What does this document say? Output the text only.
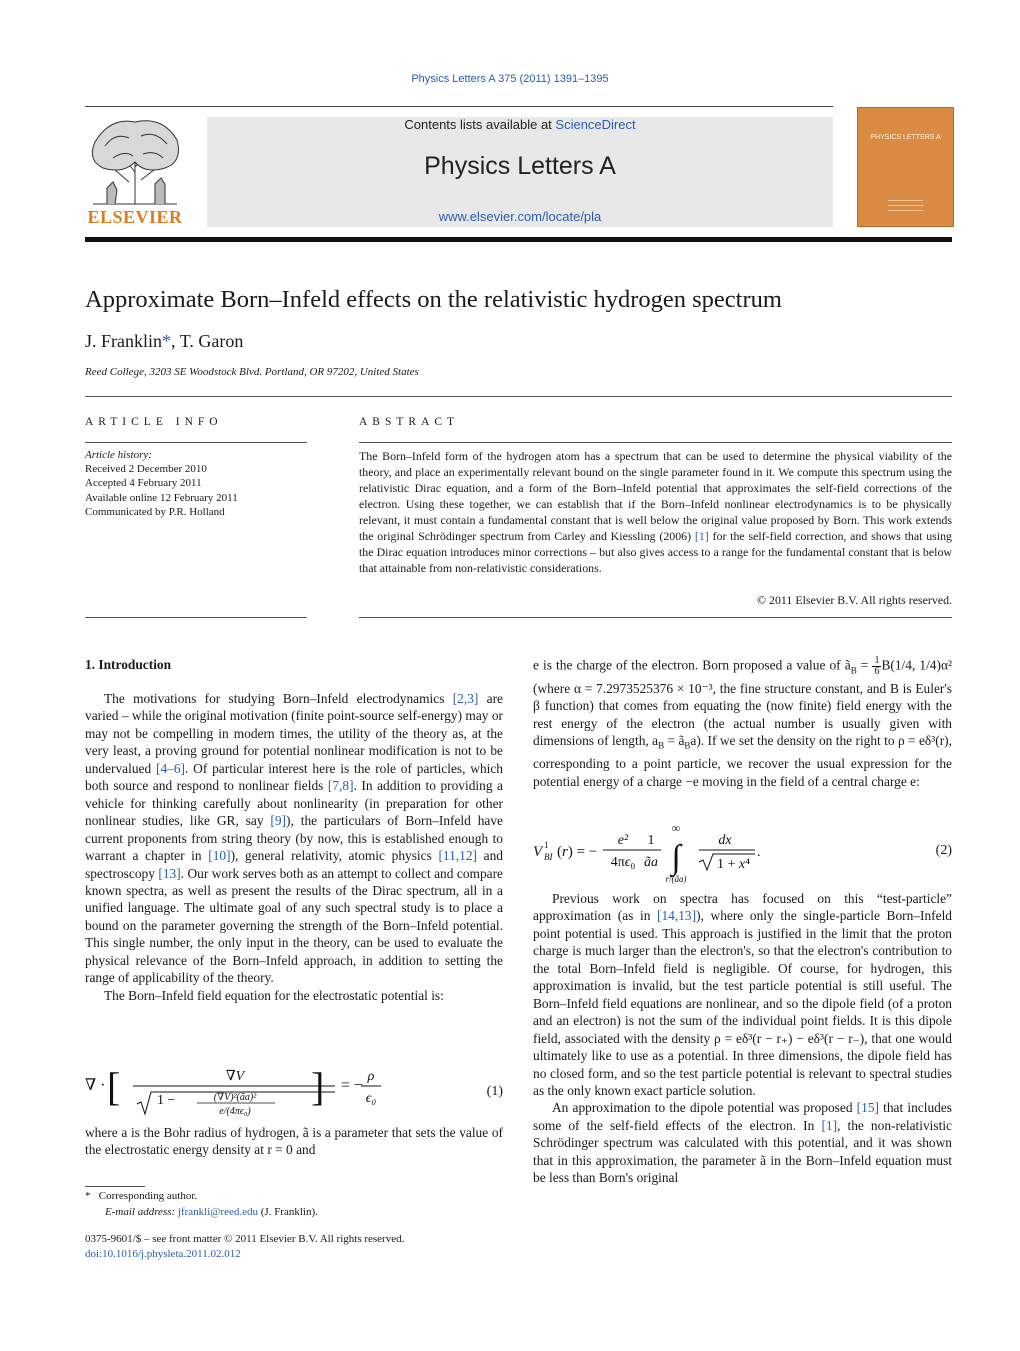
Physics Letters A 375 (2011) 1391–1395
ELSEVIER
Contents lists available at ScienceDirect
Physics Letters A
www.elsevier.com/locate/pla
PHYSICS LETTERS A
Approximate Born–Infeld effects on the relativistic hydrogen spectrum
J. Franklin*, T. Garon
Reed College, 3203 SE Woodstock Blvd. Portland, OR 97202, United States
ARTICLE INFO
Article history:
Received 2 December 2010
Accepted 4 February 2011
Available online 12 February 2011
Communicated by P.R. Holland
ABSTRACT
The Born–Infeld form of the hydrogen atom has a spectrum that can be used to determine the physical viability of the theory, and place an experimentally relevant bound on the single parameter found in it. We compute this spectrum using the relativistic Dirac equation, and a form of the Born–Infeld potential that approximates the self-field corrections of the electron. Using these together, we can establish that if the Born–Infeld nonlinear electrodynamics is to be physically relevant, it must contain a fundamental constant that is well below the original value proposed by Born. This work extends the original Schrödinger spectrum from Carley and Kiessling (2006) [1] for the self-field correction, and shows that using the Dirac equation introduces minor corrections – but also gives access to a range for the fundamental constant that is below that attainable from non-relativistic considerations.
© 2011 Elsevier B.V. All rights reserved.
1. Introduction

The motivations for studying Born–Infeld electrodynamics [2,3] are varied – while the original motivation (finite point-source self-energy) may or may not be compelling in modern times, the utility of the theory as, at the very least, a proving ground for potential nonlinear modification is not to be undervalued [4–6]. Of particular interest here is the role of particles, which both source and respond to nonlinear fields [7,8]. In addition to providing a vehicle for thinking carefully about nonlinearity (in preparation for other nonlinear studies, like GR, say [9]), the particulars of Born–Infeld have current proponents from string theory (by now, this is established enough to warrant a chapter in [10]), general relativity, atomic physics [11,12] and spectroscopy [13]. Our work serves both as an attempt to collect and compare known spectra, as well as present the results of the Dirac spectrum, all in a unified language. The ultimate goal of any such spectral study is to place a bound on the parameter governing the strength of the Born–Infeld potential. This single number, the only input in the theory, can be used to evaluate the physical relevance of the Born–Infeld approach, in addition to setting the range of applicability of the theory.

The Born–Infeld field equation for the electrostatic potential is:

∇ · [	∇V
1 −	(∇V)²(ãa)²
e/(4πϵ₀)
] = −
ρ
ϵ₀	(1)

where a is the Bohr radius of hydrogen, ã is a parameter that sets the value of the electrostatic energy density at r = 0 and

e is the charge of the electron. Born proposed a value of $ã_B = \frac{1}{6} B(1/4$, 1/4)α² (where α = 7.2973525376 × 10⁻³, the fine structure constant, and B is Euler's β function) that comes from equating the (now finite) field energy with the rest energy of the electron (the actual number is usually given with dimensions of length, $a_B$ = $ã_Ba$). If we set the density on the right to ρ = eδ³(r), corresponding to a point particle, we recover the usual expression for the potential energy of a charge −e moving in the field of a central charge e:

V 1
BI (r) = −
e²
4πϵ₀
1
ãa
∞
∫
r/(ãa)
dx
1 + x⁴
.	(2)

Previous work on spectra has focused on this “test-particle” approximation (as in [14,13]), where only the single-particle Born–Infeld point potential is used. This approach is justified in the limit that the proton charge is much larger than the electron's, so that the electron's contribution to the total Born–Infeld field is negligible. Of course, for hydrogen, this approximation is invalid, but the test particle potential is still useful. The Born–Infeld field equations are nonlinear, and so the dipole field (of a proton and an electron) is not the sum of the individual point fields. It is this dipole field, associated with the density ρ = eδ³(r − r₊) − eδ³(r − r₋), that one would ultimately like to use as a potential. In three dimensions, the dipole field has no closed form, and so the test particle potential is relevant to spectral studies as the only known exact particle solution.

An approximation to the dipole potential was proposed [15] that includes some of the self-field effects of the electron. In [1], the non-relativistic Schrödinger spectrum was calculated with this potential, and it was shown that in this approximation, the parameter ã in the Born–Infeld equation must be less than Born's original

* Corresponding author.
E-mail address: jfrankli@reed.edu (J. Franklin).
0375-9601/$ – see front matter © 2011 Elsevier B.V. All rights reserved.
doi:10.1016/j.physleta.2011.02.012
